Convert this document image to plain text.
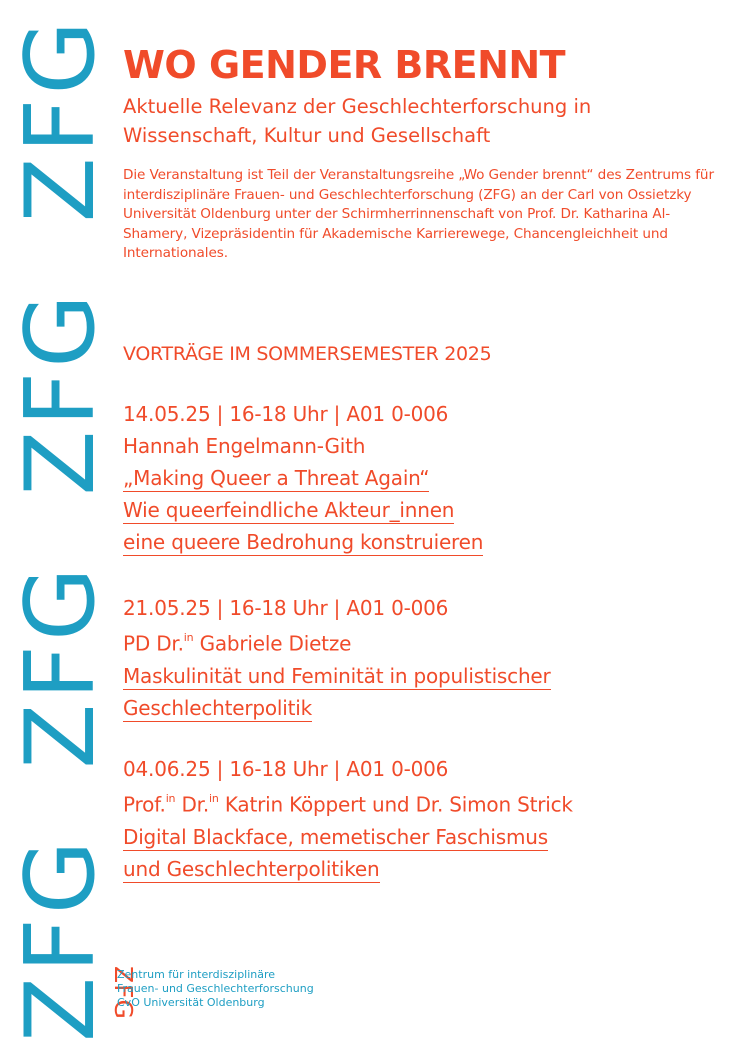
ZFG
ZFG
ZFG
ZFG WO GENDER BRENNT
Aktuelle Relevanz der Geschlechterforschung in Wissenschaft, Kultur und Gesellschaft
Die Veranstaltung ist Teil der Veranstaltungsreihe „Wo Gender brennt“ des Zentrums für interdisziplinäre Frauen- und Geschlechterforschung (ZFG) an der Carl von Ossietzky Universität Oldenburg unter der Schirmherrinnenschaft von Prof. Dr. Katharina Al-Shamery, Vizepräsidentin für Akademische Karrierewege, Chancengleichheit und Internationales.
VORTRÄGE IM SOMMERSEMESTER 2025
14.05.25 | 16-18 Uhr | A01 0-006
Hannah Engelmann-Gith
„Making Queer a Threat Again“
Wie queerfeindliche Akteur_innen
eine queere Bedrohung konstruieren
21.05.25 | 16-18 Uhr | A01 0-006
PD Dr.$^{in}$ Gabriele Dietze
Maskulinität und Feminität in populistischer
Geschlechterpolitik
04.06.25 | 16-18 Uhr | A01 0-006
Prof.$^{in}$ Dr.$^{in}$ Katrin Köppert und Dr. Simon Strick
Digital Blackface, memetischer Faschismus
und Geschlechterpolitiken
ZFG
Zentrum für interdisziplinäre
Frauen- und Geschlechterforschung
CvO Universität Oldenburg
